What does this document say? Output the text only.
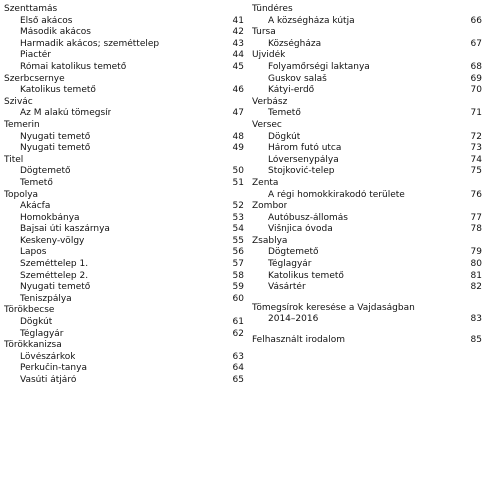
Szenttamás
Első akácos	41
Második akácos	42
Harmadik akácos; szeméttelep	43
Piactér	44
Római katolikus temető	45
Szerbcsernye
Katolikus temető	46
Szivác
Az M alakú tömegsír	47
Temerin
Nyugati temető	48
Nyugati temető	49
Titel
Dögtemető	50
Temető	51
Topolya
Akácfa	52
Homokbánya	53
Bajsai úti kaszárnya	54
Keskeny-völgy	55
Lapos	56
Szeméttelep 1.	57
Szeméttelep 2.	58
Nyugati temető	59
Teniszpálya	60
Törökbecse
Dögkút	61
Téglagyár	62
Törökkanizsa
Lövészárkok	63
Perkučin-tanya	64
Vasúti átjáró	65
Tündéres
A községháza kútja	66
Tursa
Községháza	67
Újvidék
Folyamőrségi laktanya	68
Guskov salaš	69
Kátyi-erdő	70
Verbász
Temető	71
Versec
Dögkút	72
Három futó utca	73
Lóversenypálya	74
Stojković-telep	75
Zenta
A régi homokkirakodó területe	76
Zombor
Autóbusz-állomás	77
Višnjica óvoda	78
Zsablya
Dögtemető	79
Téglagyár	80
Katolikus temető	81
Vásártér	82
Tömegsírok keresése a Vajdaságban
2014–2016	83
Felhasznált irodalom	85
